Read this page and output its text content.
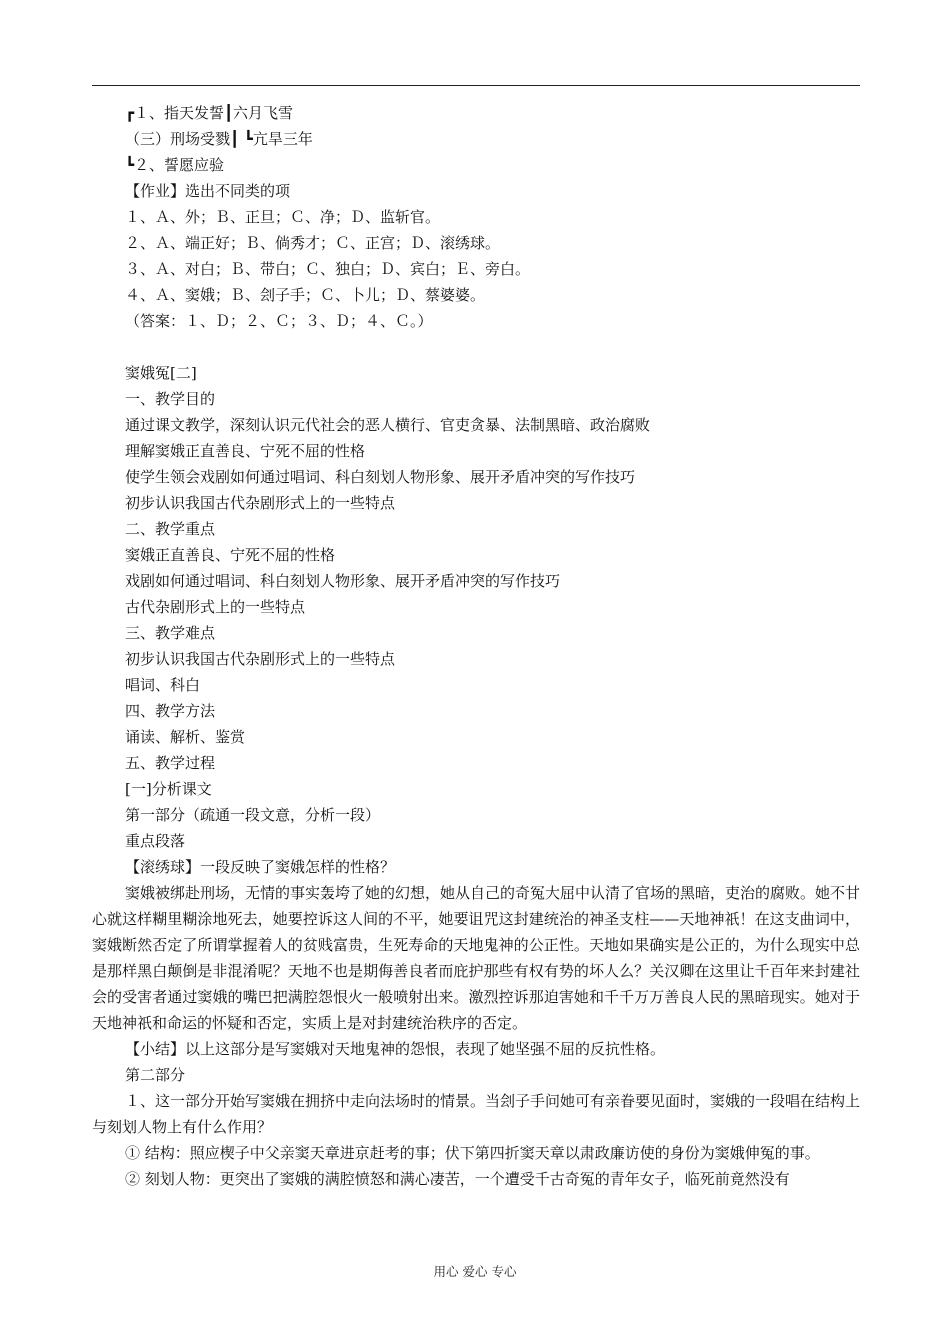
┏１、指天发誓┃六月飞雪
（三）刑场受戮┃ ┗亢旱三年
┗２、誓愿应验
【作业】选出不同类的项
１、Ａ、外；Ｂ、正旦；Ｃ、净；Ｄ、监斩官。
２、Ａ、端正好；Ｂ、倘秀才；Ｃ、正宫；Ｄ、滚绣球。
３、Ａ、对白；Ｂ、带白；Ｃ、独白；Ｄ、宾白；Ｅ、旁白。
４、Ａ、窦娥；Ｂ、刽子手；Ｃ、卜儿；Ｄ、蔡婆婆。
（答案：１、Ｄ；２、Ｃ；３、Ｄ；４、Ｃ。）
窦娥冤[二]
一、教学目的
通过课文教学，深刻认识元代社会的恶人横行、官吏贪暴、法制黑暗、政治腐败
理解窦娥正直善良、宁死不屈的性格
使学生领会戏剧如何通过唱词、科白刻划人物形象、展开矛盾冲突的写作技巧
初步认识我国古代杂剧形式上的一些特点
二、教学重点
窦娥正直善良、宁死不屈的性格
戏剧如何通过唱词、科白刻划人物形象、展开矛盾冲突的写作技巧
古代杂剧形式上的一些特点
三、教学难点
初步认识我国古代杂剧形式上的一些特点
唱词、科白
四、教学方法
诵读、解析、鉴赏
五、教学过程
[一]分析课文
第一部分（疏通一段文意，分析一段）
重点段落
【滚绣球】一段反映了窦娥怎样的性格？
窦娥被绑赴刑场，无情的事实轰垮了她的幻想，她从自己的奇冤大屈中认清了官场的黑暗，吏治的腐败。她不甘心就这样糊里糊涂地死去，她要控诉这人间的不平，她要诅咒这封建统治的神圣支柱——天地神祇！在这支曲词中，窦娥断然否定了所谓掌握着人的贫贱富贵，生死寿命的天地鬼神的公正性。天地如果确实是公正的，为什么现实中总是那样黑白颠倒是非混淆呢？天地不也是期侮善良者而庇护那些有权有势的坏人么？关汉卿在这里让千百年来封建社会的受害者通过窦娥的嘴巴把满腔怨恨火一般喷射出来。激烈控诉那迫害她和千千万万善良人民的黑暗现实。她对于天地神祇和命运的怀疑和否定，实质上是对封建统治秩序的否定。
【小结】以上这部分是写窦娥对天地鬼神的怨恨，表现了她坚强不屈的反抗性格。
第二部分
１、这一部分开始写窦娥在拥挤中走向法场时的情景。当刽子手问她可有亲眷要见面时，窦娥的一段唱在结构上与刻划人物上有什么作用？
① 结构：照应楔子中父亲窦天章进京赶考的事；伏下第四折窦天章以肃政廉访使的身份为窦娥伸冤的事。
② 刻划人物：更突出了窦娥的满腔愤怒和满心凄苦，一个遭受千古奇冤的青年女子，临死前竟然没有
用心 爱心 专心
